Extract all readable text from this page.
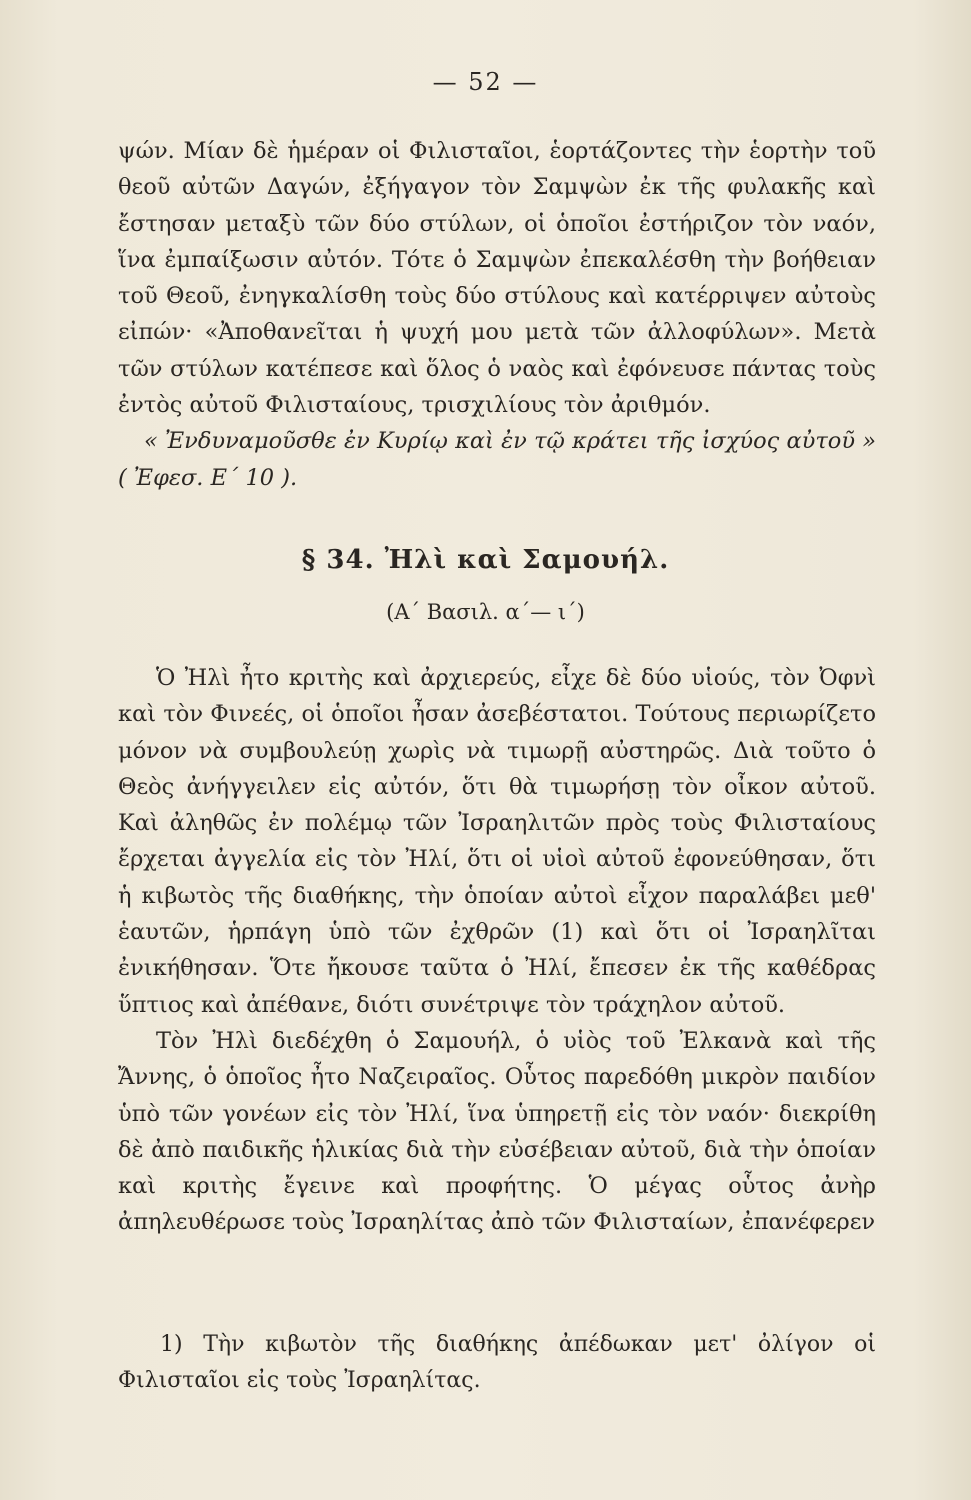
— 52 —

ψών. Μίαν δὲ ἡμέραν οἱ Φιλισταῖοι, ἑορτάζοντες τὴν ἑορτὴν τοῦ θεοῦ αὐτῶν Δαγών, ἐξήγαγον τὸν Σαμψὼν ἐκ τῆς φυλακῆς καὶ ἔστησαν μεταξὺ τῶν δύο στύλων, οἱ ὁποῖοι ἐστήριζον τὸν ναόν, ἵνα ἐμπαίξωσιν αὐτόν. Τότε ὁ Σαμψὼν ἐπεκαλέσθη τὴν βοήθειαν τοῦ Θεοῦ, ἐνηγκαλίσθη τοὺς δύο στύλους καὶ κατέρριψεν αὐτοὺς εἰπών· «Ἀποθανεῖται ἡ ψυχή μου μετὰ τῶν ἀλλοφύλων». Μετὰ τῶν στύλων κατέπεσε καὶ ὅλος ὁ ναὸς καὶ ἐφόνευσε πάντας τοὺς ἐντὸς αὐτοῦ Φιλισταίους, τρισχιλίους τὸν ἀριθμόν.

« Ἐνδυναμοῦσθε ἐν Κυρίῳ καὶ ἐν τῷ κράτει τῆς ἰσχύος αὐτοῦ » ( Ἐφεσ. Ε΄ 10 ).

§ 34. Ἠλὶ καὶ Σαμουήλ.
(Α΄ Βασιλ. α΄— ι΄)

Ὁ Ἠλὶ ἦτο κριτὴς καὶ ἀρχιερεύς, εἶχε δὲ δύο υἱούς, τὸν Ὀφνὶ καὶ τὸν Φινεές, οἱ ὁποῖοι ἦσαν ἀσεβέστατοι. Τούτους περιωρίζετο μόνον νὰ συμβουλεύῃ χωρὶς νὰ τιμωρῇ αὐστηρῶς. Διὰ τοῦτο ὁ Θεὸς ἀνήγγειλεν εἰς αὐτόν, ὅτι θὰ τιμωρήσῃ τὸν οἶκον αὐτοῦ. Καὶ ἀληθῶς ἐν πολέμῳ τῶν Ἰσραηλιτῶν πρὸς τοὺς Φιλισταίους ἔρχεται ἀγγελία εἰς τὸν Ἠλί, ὅτι οἱ υἱοὶ αὐτοῦ ἐφονεύθησαν, ὅτι ἡ κιβωτὸς τῆς διαθήκης, τὴν ὁποίαν αὐτοὶ εἶχον παραλάβει μεθ' ἑαυτῶν, ἡρπάγη ὑπὸ τῶν ἐχθρῶν (1) καὶ ὅτι οἱ Ἰσραηλῖται ἐνικήθησαν. Ὅτε ἤκουσε ταῦτα ὁ Ἠλί, ἔπεσεν ἐκ τῆς καθέδρας ὕπτιος καὶ ἀπέθανε, διότι συνέτριψε τὸν τράχηλον αὐτοῦ.

Τὸν Ἠλὶ διεδέχθη ὁ Σαμουήλ, ὁ υἱὸς τοῦ Ἐλκανὰ καὶ τῆς Ἄννης, ὁ ὁποῖος ἦτο Ναζειραῖος. Οὗτος παρεδόθη μικρὸν παιδίον ὑπὸ τῶν γονέων εἰς τὸν Ἠλί, ἵνα ὑπηρετῇ εἰς τὸν ναόν· διεκρίθη δὲ ἀπὸ παιδικῆς ἡλικίας διὰ τὴν εὐσέβειαν αὐτοῦ, διὰ τὴν ὁποίαν καὶ κριτὴς ἔγεινε καὶ προφήτης. Ὁ μέγας οὗτος ἀνὴρ ἀπηλευθέρωσε τοὺς Ἰσραηλίτας ἀπὸ τῶν Φιλισταίων, ἐπανέφερεν

1) Τὴν κιβωτὸν τῆς διαθήκης ἀπέδωκαν μετ' ὀλίγον οἱ Φιλισταῖοι εἰς τοὺς Ἰσραηλίτας.
